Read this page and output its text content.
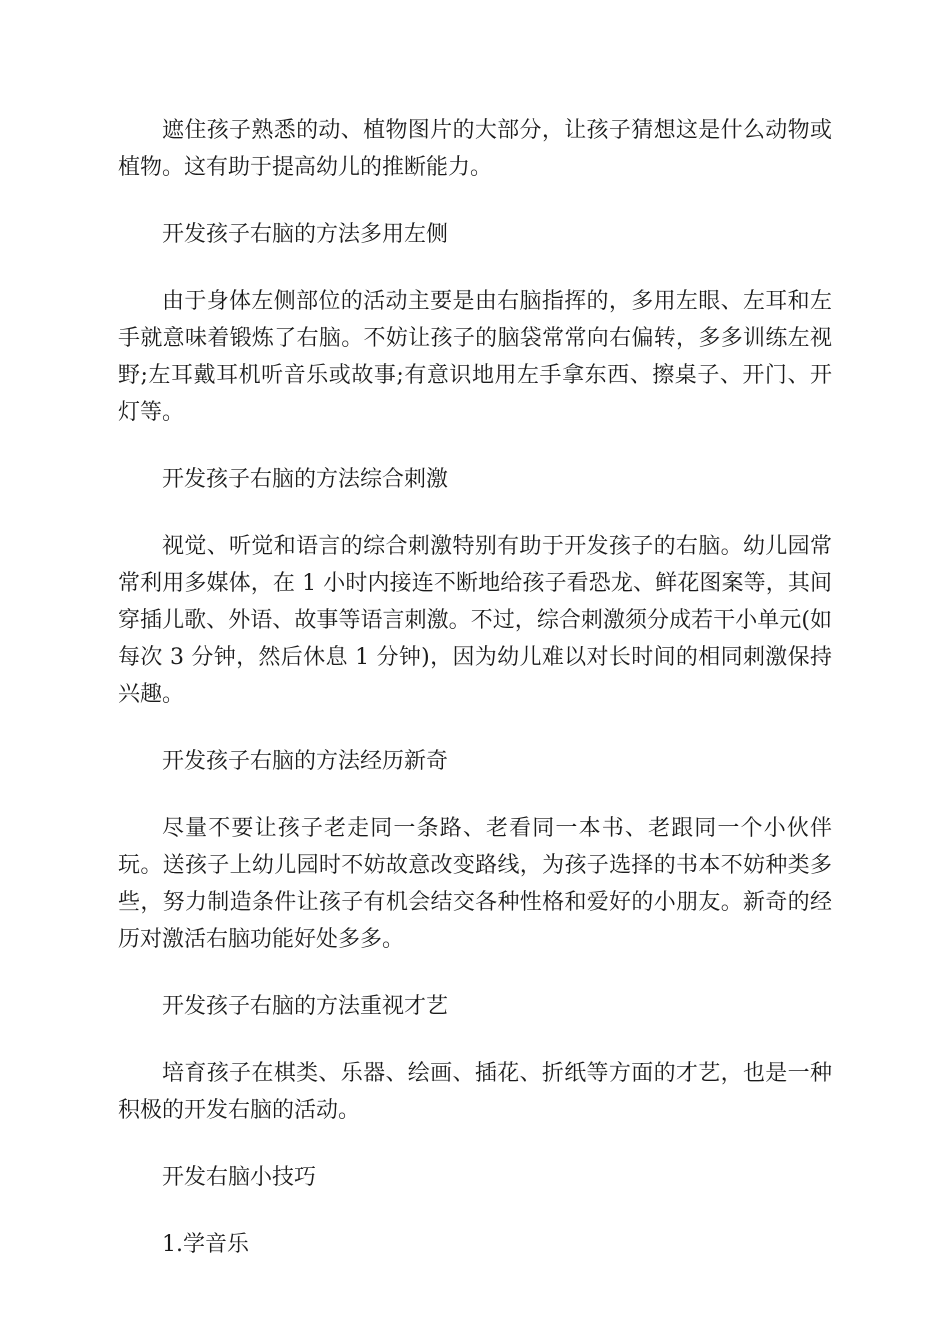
遮住孩子熟悉的动、植物图片的大部分，让孩子猜想这是什么动物或植物。这有助于提高幼儿的推断能力。

开发孩子右脑的方法多用左侧

由于身体左侧部位的活动主要是由右脑指挥的，多用左眼、左耳和左手就意味着锻炼了右脑。不妨让孩子的脑袋常常向右偏转，多多训练左视野;左耳戴耳机听音乐或故事;有意识地用左手拿东西、擦桌子、开门、开灯等。

开发孩子右脑的方法综合刺激

视觉、听觉和语言的综合刺激特别有助于开发孩子的右脑。幼儿园常常利用多媒体，在 1 小时内接连不断地给孩子看恐龙、鲜花图案等，其间穿插儿歌、外语、故事等语言刺激。不过，综合刺激须分成若干小单元(如每次 3 分钟，然后休息 1 分钟)，因为幼儿难以对长时间的相同刺激保持兴趣。

开发孩子右脑的方法经历新奇

尽量不要让孩子老走同一条路、老看同一本书、老跟同一个小伙伴玩。送孩子上幼儿园时不妨故意改变路线，为孩子选择的书本不妨种类多些，努力制造条件让孩子有机会结交各种性格和爱好的小朋友。新奇的经历对激活右脑功能好处多多。

开发孩子右脑的方法重视才艺

培育孩子在棋类、乐器、绘画、插花、折纸等方面的才艺，也是一种积极的开发右脑的活动。

开发右脑小技巧

1.学音乐
